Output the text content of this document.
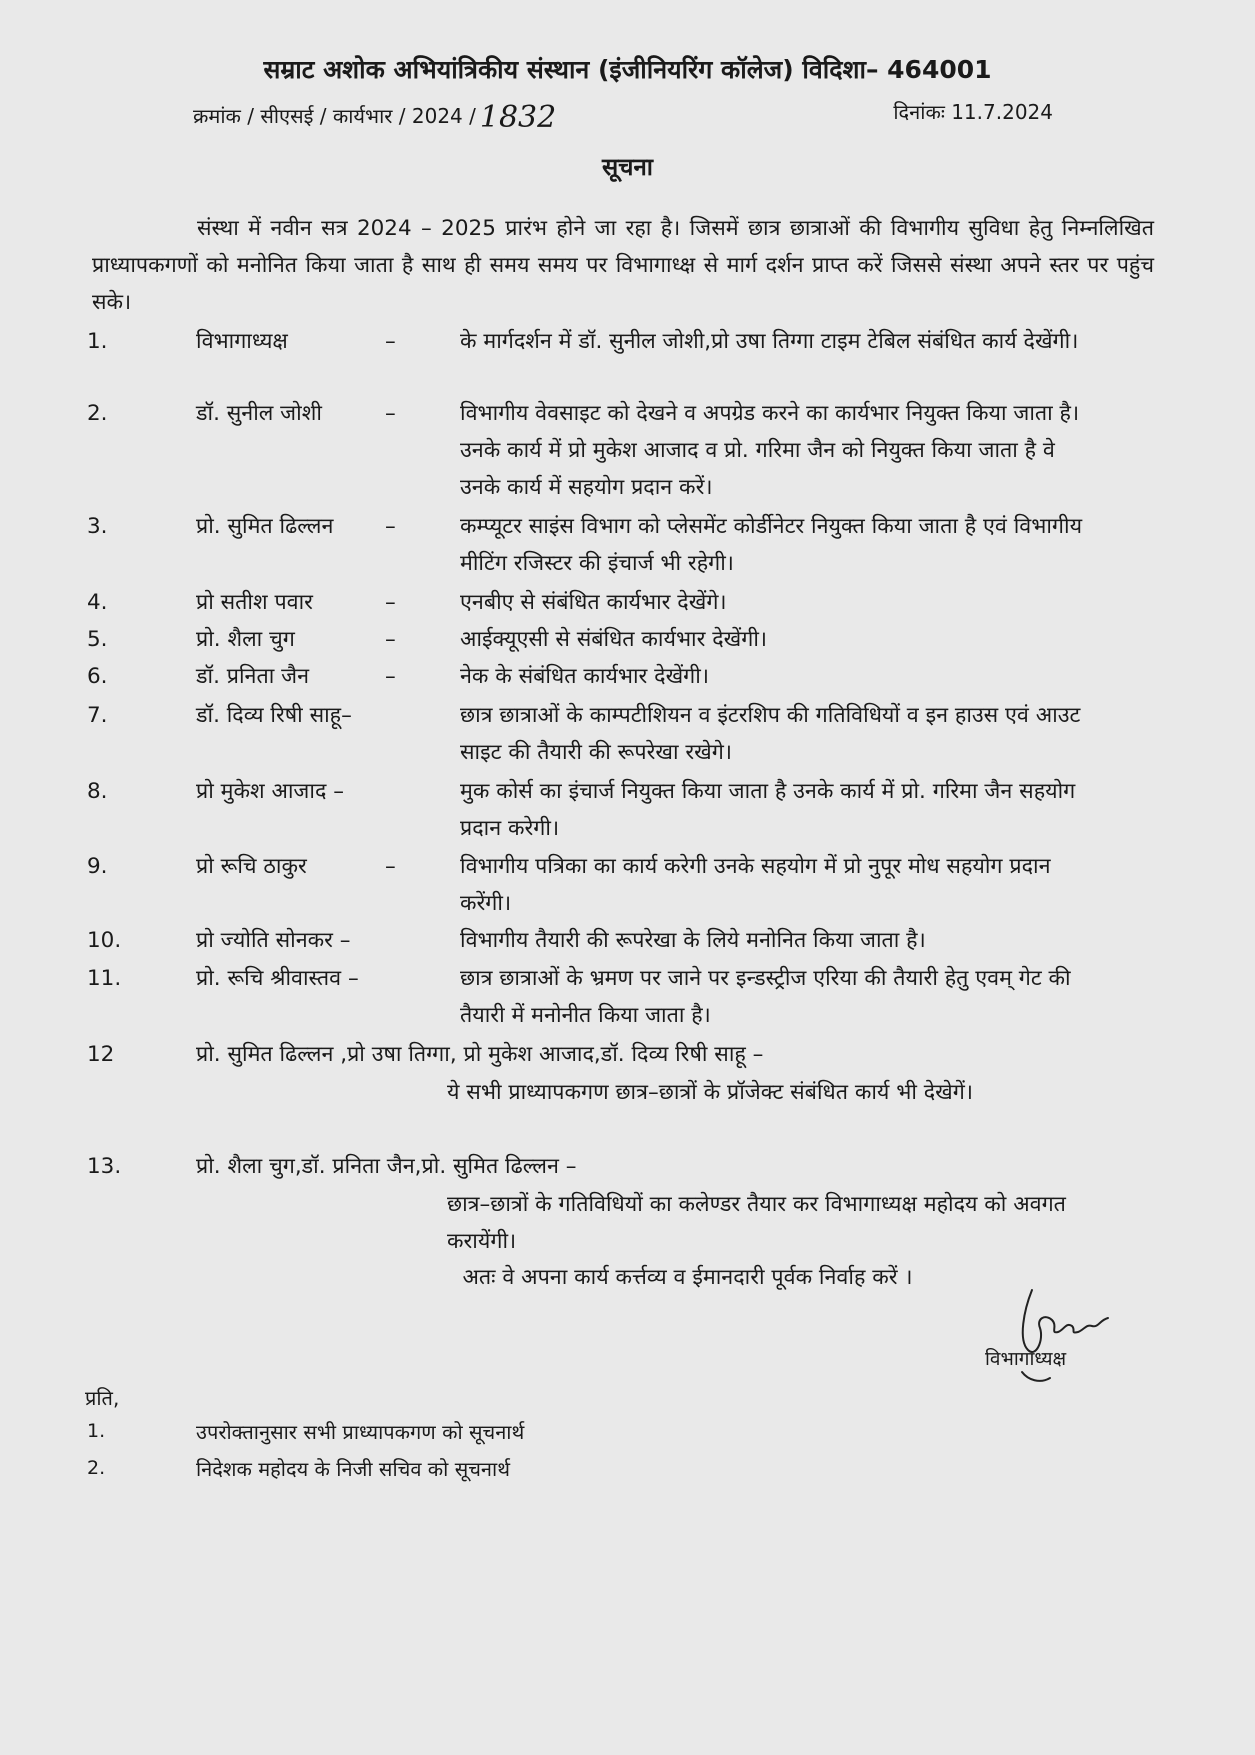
सम्राट अशोक अभियांत्रिकीय संस्थान (इंजीनियरिंग कॉलेज) विदिशा– 464001
क्रमांक / सीएसई / कार्यभार / 2024 / 1832	दिनांकः 11.7.2024
सूचना
संस्था में नवीन सत्र 2024 – 2025 प्रारंभ होने जा रहा है। जिसमें छात्र छात्राओं की विभागीय सुविधा हेतु निम्नलिखित प्राध्यापकगणों को मनोनित किया जाता है साथ ही समय समय पर विभागाध्क्ष से मार्ग दर्शन प्राप्त करें जिससे संस्था अपने स्तर पर पहुंच सके।
1.	विभागाध्यक्ष	–	के मार्गदर्शन में डॉ. सुनील जोशी,प्रो उषा तिग्गा टाइम टेबिल संबंधित कार्य देखेंगी।
2.	डॉ. सुनील जोशी	–	विभागीय वेवसाइट को देखने व अपग्रेड करने का कार्यभार नियुक्त किया जाता है। उनके कार्य में प्रो मुकेश आजाद व प्रो. गरिमा जैन को नियुक्त किया जाता है वे उनके कार्य में सहयोग प्रदान करें।
3.	प्रो. सुमित ढिल्लन –	कम्प्यूटर साइंस विभाग को प्लेसमेंट कोर्डीनेटर नियुक्त किया जाता है एवं विभागीय मीटिंग रजिस्टर की इंचार्ज भी रहेगी।
4.	प्रो सतीश पवार	–	एनबीए से संबंधित कार्यभार देखेंगे।
5.	प्रो. शैला चुग	–	आईक्यूएसी से संबंधित कार्यभार देखेंगी।
6.	डॉ. प्रनिता जैन	–	नेक के संबंधित कार्यभार देखेंगी।
7.	डॉ. दिव्य रिषी साहू–	छात्र छात्राओं के काम्पटीशियन व इंटरशिप की गतिविधियों व इन हाउस एवं आउट साइट की तैयारी की रूपरेखा रखेगे।
8.	प्रो मुकेश आजाद –	मुक कोर्स का इंचार्ज नियुक्त किया जाता है उनके कार्य में प्रो. गरिमा जैन सहयोग प्रदान करेगी।
9.	प्रो रूचि ठाकुर	–	विभागीय पत्रिका का कार्य करेगी उनके सहयोग में प्रो नुपूर मोध सहयोग प्रदान करेंगी।
10.	प्रो ज्योति सोनकर –	विभागीय तैयारी की रूपरेखा के लिये मनोनित किया जाता है।
11.	प्रो. रूचि श्रीवास्तव –	छात्र छात्राओं के भ्रमण पर जाने पर इन्डस्ट्रीज एरिया की तैयारी हेतु एवम् गेट की तैयारी में मनोनीत किया जाता है।
12	प्रो. सुमित ढिल्लन ,प्रो उषा तिग्गा, प्रो मुकेश आजाद,डॉ. दिव्य रिषी साहू –
ये सभी प्राध्यापकगण छात्र–छात्रों के प्रॉजेक्ट संबंधित कार्य भी देखेगें।
13.	प्रो. शैला चुग,डॉ. प्रनिता जैन,प्रो. सुमित ढिल्लन –
छात्र–छात्रों के गतिविधियों का कलेण्डर तैयार कर विभागाध्यक्ष महोदय को अवगत करायेंगी।
अतः वे अपना कार्य कर्त्तव्य व ईमानदारी पूर्वक निर्वाह करें ।
विभागाध्यक्ष
प्रति,
1.	उपरोक्तानुसार सभी प्राध्यापकगण को सूचनार्थ
2.	निदेशक महोदय के निजी सचिव को सूचनार्थ
